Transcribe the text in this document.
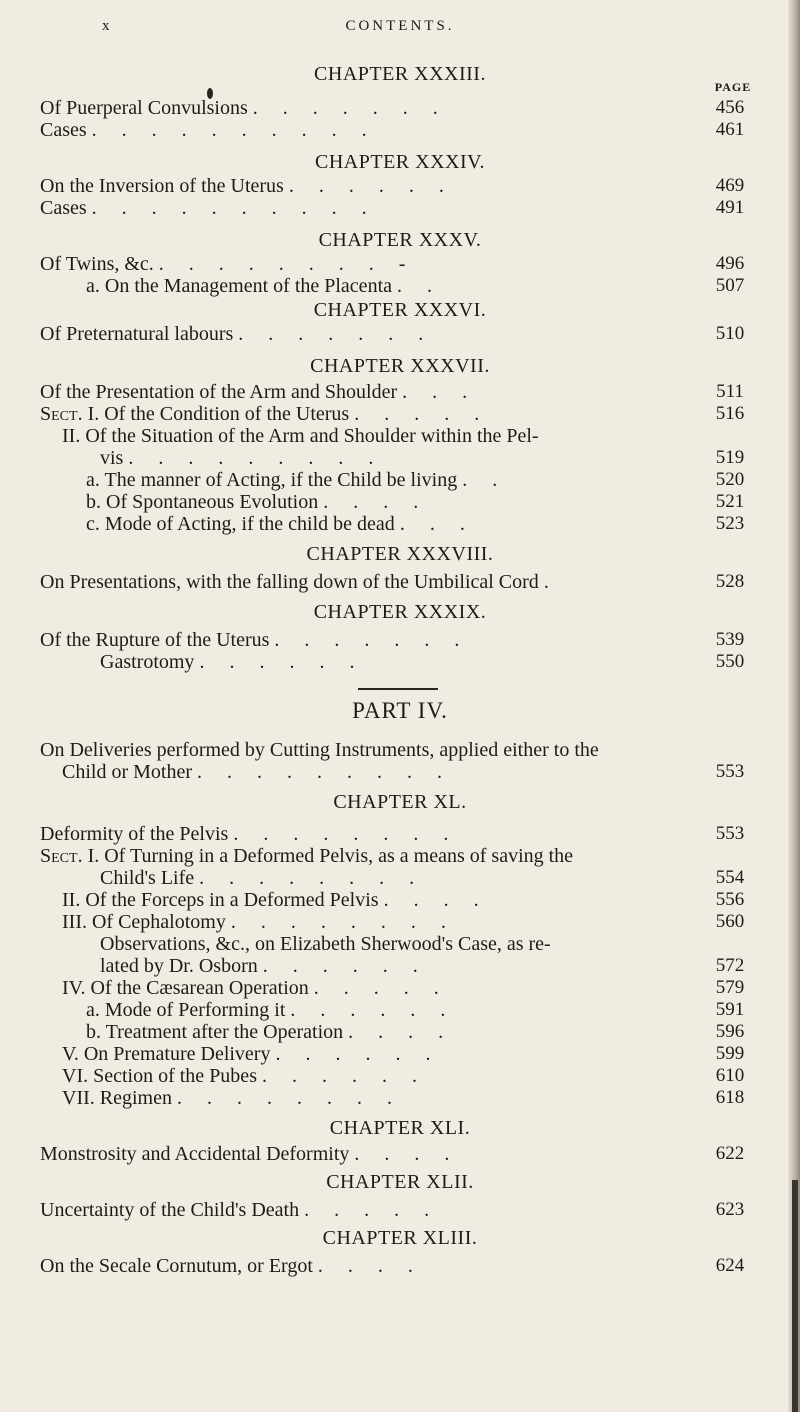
x	CONTENTS.
PAGE
CHAPTER XXXIII.
Of Puerperal Convulsions . . . . . . .	456
Cases . . . . . . . . . .	461
CHAPTER XXXIV.
On the Inversion of the Uterus . . . . . .	469
Cases . . . . . . . . . .	491
CHAPTER XXXV.
Of Twins, &c. . . . . . . . . -	496
a. On the Management of the Placenta . .	507
CHAPTER XXXVI.
Of Preternatural labours . . . . . . .	510
CHAPTER XXXVII.
Of the Presentation of the Arm and Shoulder . . .	511
Sect. I. Of the Condition of the Uterus . . . . .	516
II. Of the Situation of the Arm and Shoulder within the Pel-
vis . . . . . . . . .	519
a. The manner of Acting, if the Child be living . .	520
b. Of Spontaneous Evolution . . . .	521
c. Mode of Acting, if the child be dead . . .	523
CHAPTER XXXVIII.
On Presentations, with the falling down of the Umbilical Cord .	528
CHAPTER XXXIX.
Of the Rupture of the Uterus . . . . . . .	539
Gastrotomy . . . . . .	550
PART IV.
On Deliveries performed by Cutting Instruments, applied either to the
Child or Mother . . . . . . . . .	553
CHAPTER XL.
Deformity of the Pelvis . . . . . . . .	553
Sect. I. Of Turning in a Deformed Pelvis, as a means of saving the
Child's Life . . . . . . . .	554
II. Of the Forceps in a Deformed Pelvis . . . .	556
III. Of Cephalotomy . . . . . . . .	560
Observations, &c., on Elizabeth Sherwood's Case, as re-
lated by Dr. Osborn . . . . . .	572
IV. Of the Cæsarean Operation . . . . .	579
a. Mode of Performing it . . . . . .	591
b. Treatment after the Operation . . . .	596
V. On Premature Delivery . . . . . .	599
VI. Section of the Pubes . . . . . .	610
VII. Regimen . . . . . . . .	618
CHAPTER XLI.
Monstrosity and Accidental Deformity . . . .	622
CHAPTER XLII.
Uncertainty of the Child's Death . . . . .	623
CHAPTER XLIII.
On the Secale Cornutum, or Ergot . . . .	624
